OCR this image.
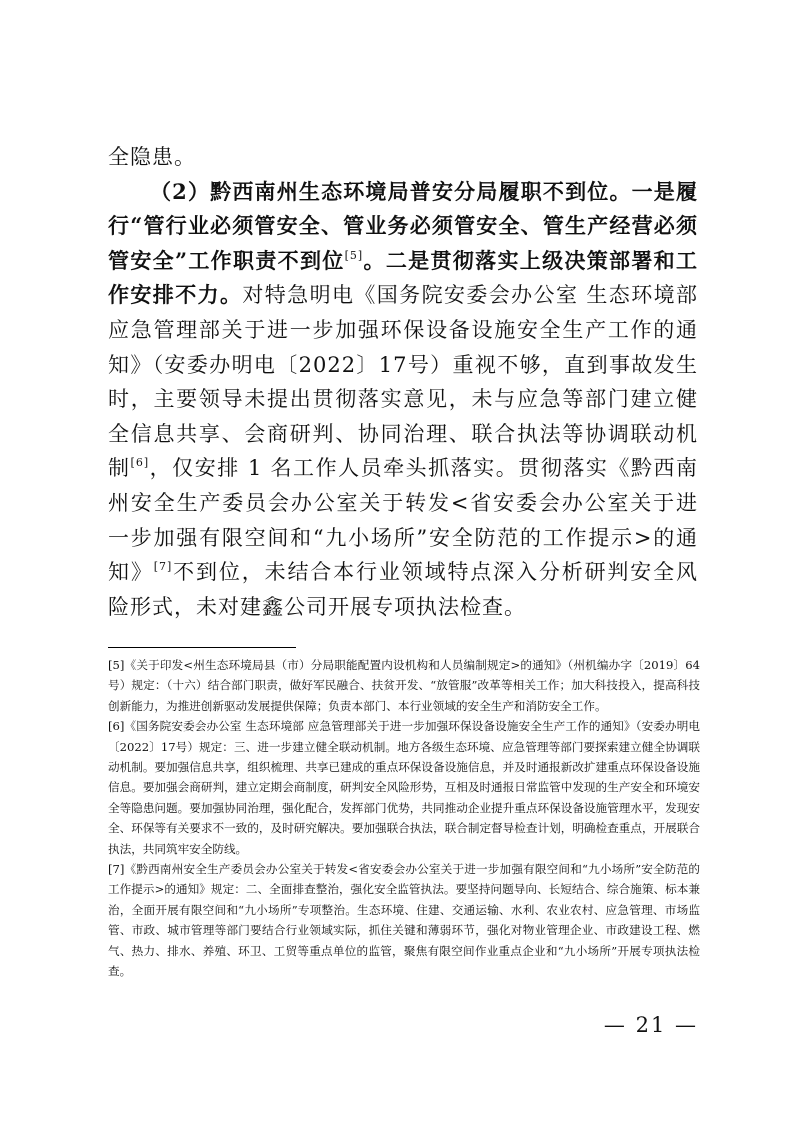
全隐患。

（2）黔西南州生态环境局普安分局履职不到位。一是履行“管行业必须管安全、管业务必须管安全、管生产经营必须管安全”工作职责不到位[5]。二是贯彻落实上级决策部署和工作安排不力。对特急明电《国务院安委会办公室 生态环境部 应急管理部关于进一步加强环保设备设施安全生产工作的通知》（安委办明电〔2022〕17号）重视不够，直到事故发生时，主要领导未提出贯彻落实意见，未与应急等部门建立健全信息共享、会商研判、协同治理、联合执法等协调联动机制[6]，仅安排 1 名工作人员牵头抓落实。贯彻落实《黔西南州安全生产委员会办公室关于转发<省安委会办公室关于进一步加强有限空间和“九小场所”安全防范的工作提示>的通知》[7]不到位，未结合本行业领域特点深入分析研判安全风险形式，未对建鑫公司开展专项执法检查。

[5]《关于印发<州生态环境局县（市）分局职能配置内设机构和人员编制规定>的通知》（州机编办字〔2019〕64号）规定：（十六）结合部门职责，做好军民融合、扶贫开发、“放管服”改革等相关工作；加大科技投入，提高科技创新能力，为推进创新驱动发展提供保障；负责本部门、本行业领域的安全生产和消防安全工作。

[6]《国务院安委会办公室 生态环境部 应急管理部关于进一步加强环保设备设施安全生产工作的通知》（安委办明电〔2022〕17号）规定：三、进一步建立健全联动机制。地方各级生态环境、应急管理等部门要探索建立健全协调联动机制。要加强信息共享，组织梳理、共享已建成的重点环保设备设施信息，并及时通报新改扩建重点环保设备设施信息。要加强会商研判，建立定期会商制度，研判安全风险形势，互相及时通报日常监管中发现的生产安全和环境安全等隐患问题。要加强协同治理，强化配合，发挥部门优势，共同推动企业提升重点环保设备设施管理水平，发现安全、环保等有关要求不一致的，及时研究解决。要加强联合执法，联合制定督导检查计划，明确检查重点，开展联合执法，共同筑牢安全防线。

[7]《黔西南州安全生产委员会办公室关于转发<省安委会办公室关于进一步加强有限空间和“九小场所”安全防范的工作提示>的通知》规定：二、全面排查整治，强化安全监管执法。要坚持问题导向、长短结合、综合施策、标本兼治，全面开展有限空间和“九小场所”专项整治。生态环境、住建、交通运输、水利、农业农村、应急管理、市场监管、市政、城市管理等部门要结合行业领域实际，抓住关键和薄弱环节，强化对物业管理企业、市政建设工程、燃气、热力、排水、养殖、环卫、工贸等重点单位的监管，聚焦有限空间作业重点企业和“九小场所”开展专项执法检查。

— 21 —
